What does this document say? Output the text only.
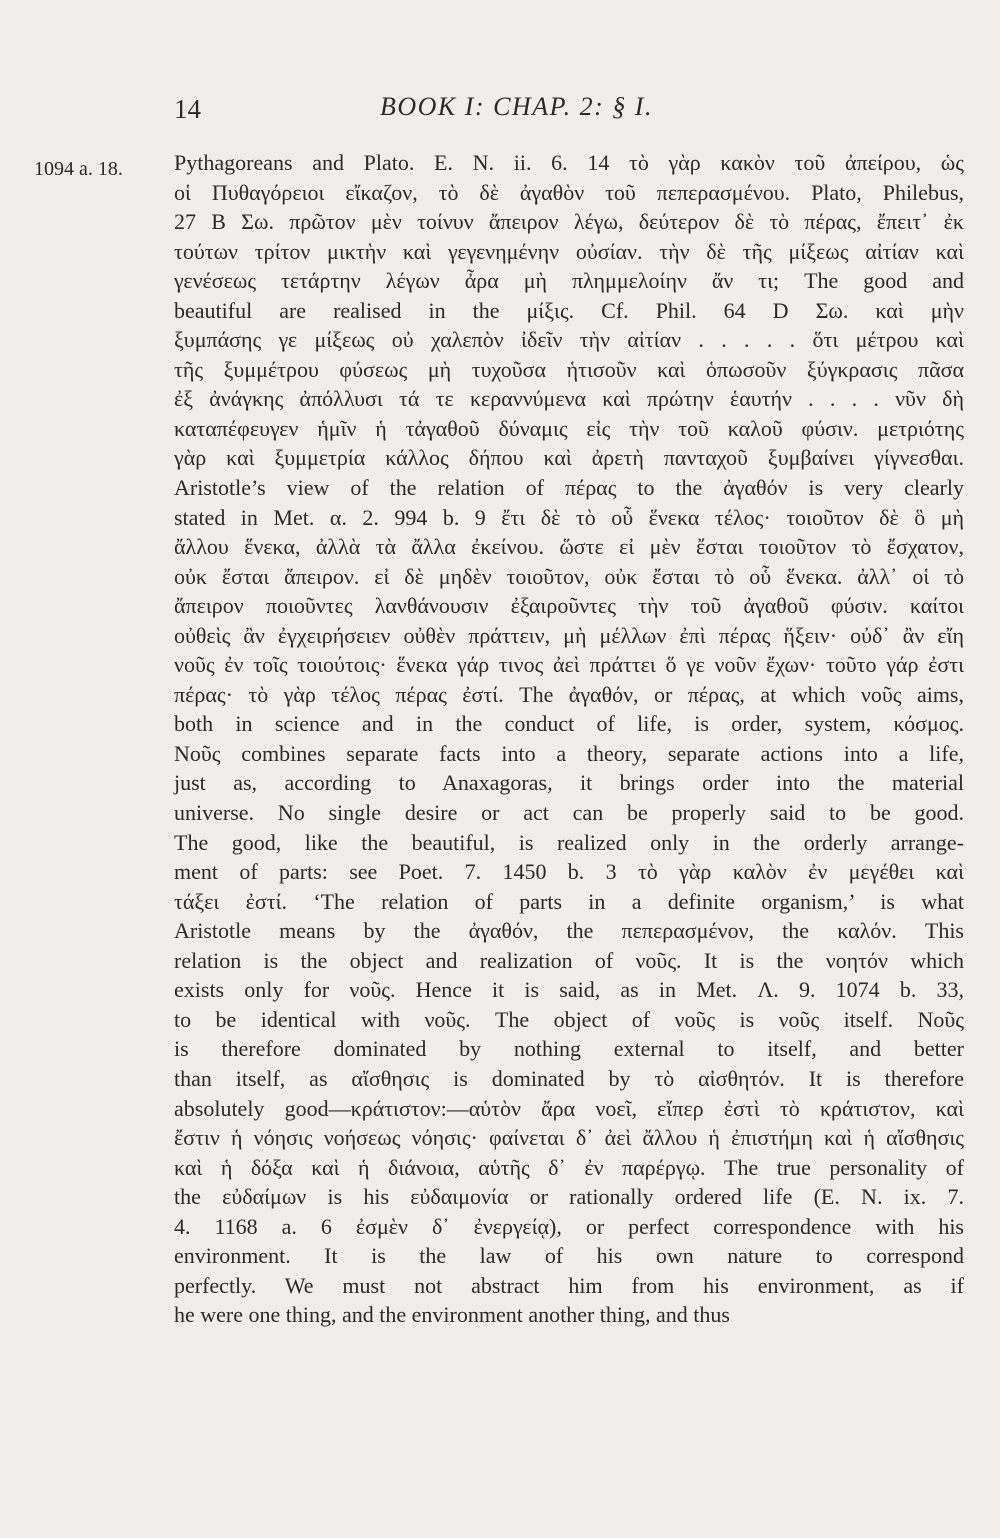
14	BOOK I: CHAP. 2: § I.
1094 a. 18. Pythagoreans and Plato. E. N. ii. 6. 14 τὸ γὰρ κακὸν τοῦ ἀπείρου, ὡς
οἱ Πυθαγόρειοι εἴκαζον, τὸ δὲ ἀγαθὸν τοῦ πεπερασμένου. Plato, Philebus,
27 B Σω. πρῶτον μὲν τοίνυν ἄπειρον λέγω, δεύτερον δὲ τὸ πέρας, ἔπειτ᾽ ἐκ
τούτων τρίτον μικτὴν καὶ γεγενημένην οὐσίαν. τὴν δὲ τῆς μίξεως αἰτίαν καὶ
γενέσεως τετάρτην λέγων ἆρα μὴ πλημμελοίην ἄν τι; The good and
beautiful are realised in the μίξις. Cf. Phil. 64 D Σω. καὶ μὴν
ξυμπάσης γε μίξεως οὐ χαλεπὸν ἰδεῖν τὴν αἰτίαν . . . . . ὅτι μέτρου καὶ
τῆς ξυμμέτρου φύσεως μὴ τυχοῦσα ἡτισοῦν καὶ ὁπωσοῦν ξύγκρασις πᾶσα
ἐξ ἀνάγκης ἀπόλλυσι τά τε κεραννύμενα καὶ πρώτην ἑαυτήν . . . . νῦν δὴ
καταπέφευγεν ἡμῖν ἡ τἀγαθοῦ δύναμις εἰς τὴν τοῦ καλοῦ φύσιν. μετριότης
γὰρ καὶ ξυμμετρία κάλλος δήπου καὶ ἀρετὴ πανταχοῦ ξυμβαίνει γίγνεσθαι.
Aristotle’s view of the relation of πέρας to the ἀγαθόν is very clearly
stated in Met. α. 2. 994 b. 9 ἔτι δὲ τὸ οὗ ἕνεκα τέλος· τοιοῦτον δὲ ὃ μὴ
ἄλλου ἕνεκα, ἀλλὰ τὰ ἄλλα ἐκείνου. ὥστε εἰ μὲν ἔσται τοιοῦτον τὸ ἔσχατον,
οὐκ ἔσται ἄπειρον. εἰ δὲ μηδὲν τοιοῦτον, οὐκ ἔσται τὸ οὗ ἕνεκα. ἀλλ᾽ οἱ τὸ
ἄπειρον ποιοῦντες λανθάνουσιν ἐξαιροῦντες τὴν τοῦ ἀγαθοῦ φύσιν. καίτοι
οὐθεὶς ἂν ἐγχειρήσειεν οὐθὲν πράττειν, μὴ μέλλων ἐπὶ πέρας ἥξειν· οὐδ᾽ ἂν εἴη
νοῦς ἐν τοῖς τοιούτοις· ἕνεκα γάρ τινος ἀεὶ πράττει ὅ γε νοῦν ἔχων· τοῦτο γάρ ἐστι
πέρας· τὸ γὰρ τέλος πέρας ἐστί. The ἀγαθόν, or πέρας, at which νοῦς aims,
both in science and in the conduct of life, is order, system, κόσμος.
Νοῦς combines separate facts into a theory, separate actions into a life,
just as, according to Anaxagoras, it brings order into the material
universe. No single desire or act can be properly said to be good.
The good, like the beautiful, is realized only in the orderly arrange-
ment of parts: see Poet. 7. 1450 b. 3 τὸ γὰρ καλὸν ἐν μεγέθει καὶ
τάξει ἐστί. ‘The relation of parts in a definite organism,’ is what
Aristotle means by the ἀγαθόν, the πεπερασμένον, the καλόν. This
relation is the object and realization of νοῦς. It is the νοητόν which
exists only for νοῦς. Hence it is said, as in Met. Λ. 9. 1074 b. 33,
to be identical with νοῦς. The object of νοῦς is νοῦς itself. Νοῦς
is therefore dominated by nothing external to itself, and better
than itself, as αἴσθησις is dominated by τὸ αἰσθητόν. It is therefore
absolutely good—κράτιστον:—αὑτὸν ἄρα νοεῖ, εἴπερ ἐστὶ τὸ κράτιστον, καὶ
ἔστιν ἡ νόησις νοήσεως νόησις· φαίνεται δ᾽ ἀεὶ ἄλλου ἡ ἐπιστήμη καὶ ἡ αἴσθησις
καὶ ἡ δόξα καὶ ἡ διάνοια, αὑτῆς δ᾽ ἐν παρέργῳ. The true personality of
the εὐδαίμων is his εὐδαιμονία or rationally ordered life (E. N. ix. 7.
4. 1168 a. 6 ἐσμὲν δ᾽ ἐνεργείᾳ), or perfect correspondence with his
environment. It is the law of his own nature to correspond
perfectly. We must not abstract him from his environment, as if
he were one thing, and the environment another thing, and thus
